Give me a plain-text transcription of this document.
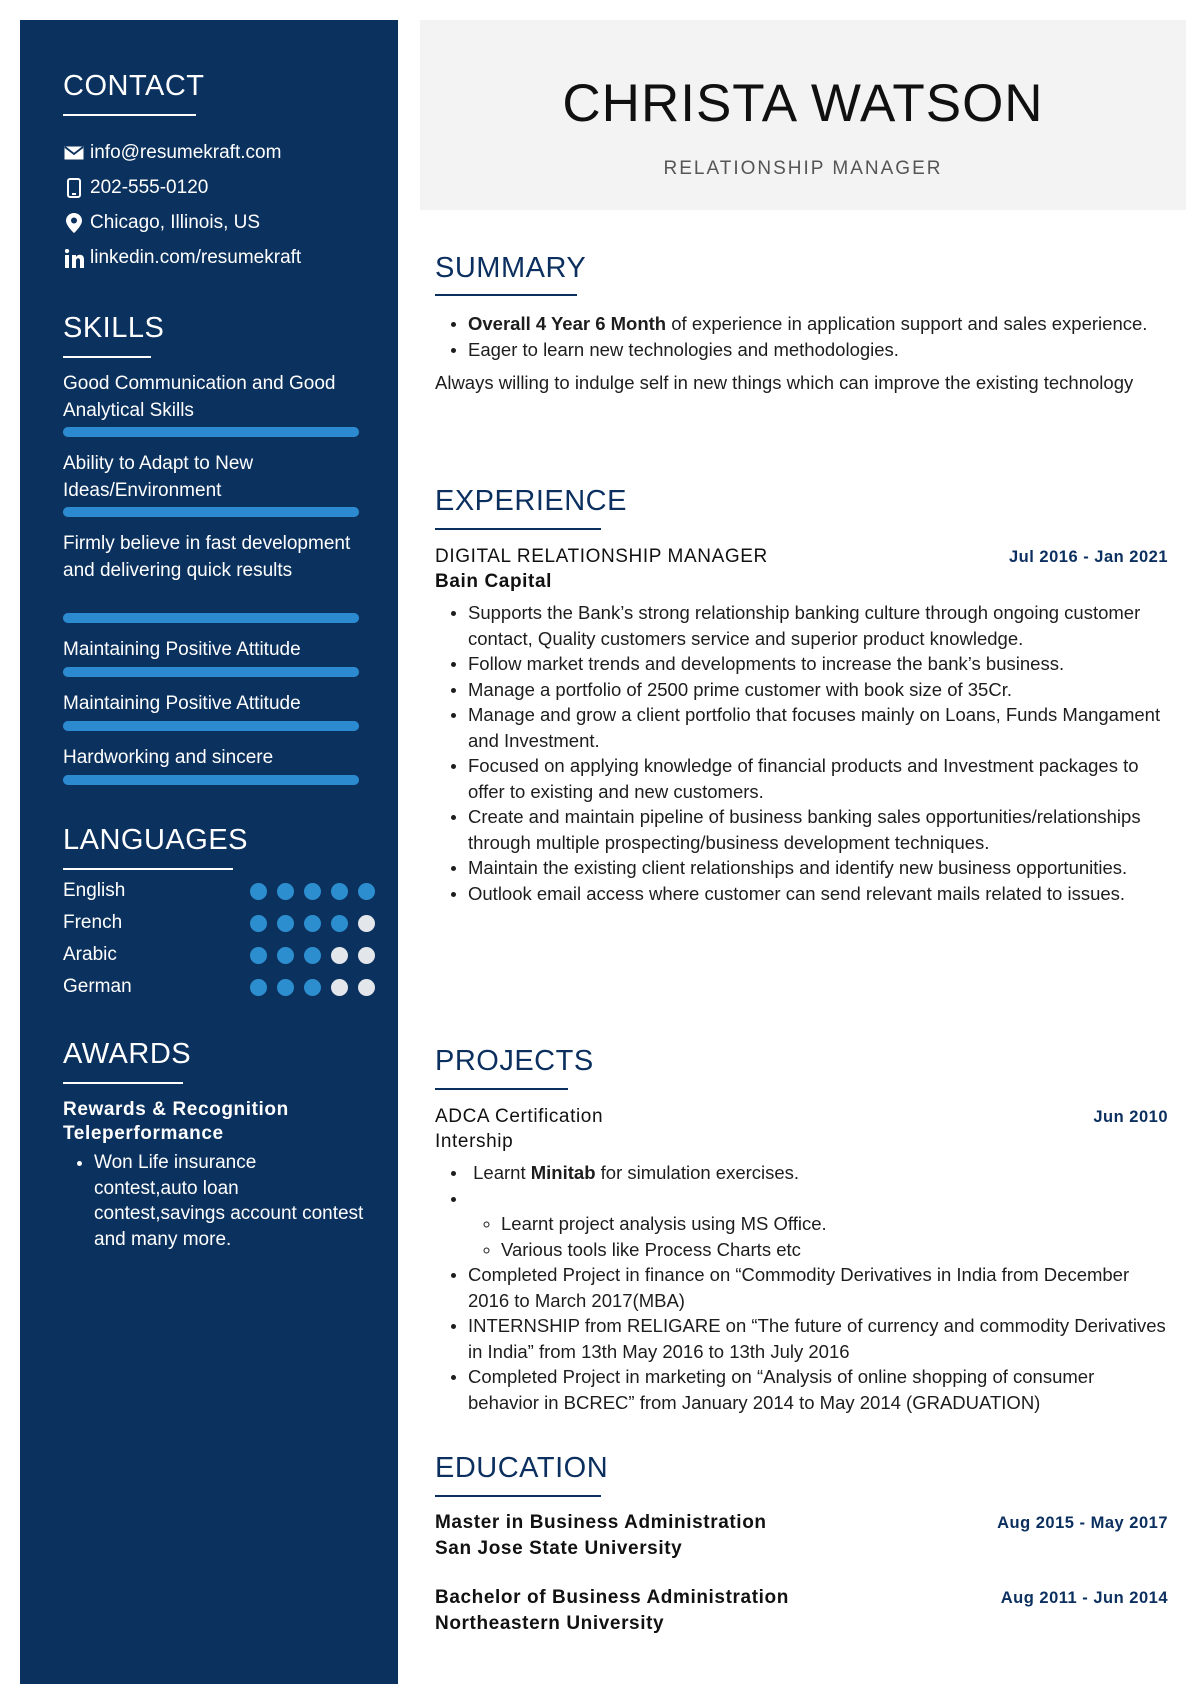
CONTACT
info@resumekraft.com
202-555-0120
Chicago, Illinois, US
linkedin.com/resumekraft
SKILLS
Good Communication and Good Analytical Skills
Ability to Adapt to New Ideas/Environment
Firmly believe in fast development and delivering quick results
Maintaining Positive Attitude
Maintaining Positive Attitude
Hardworking and sincere
LANGUAGES
English
French
Arabic
German
AWARDS
Rewards & Recognition
Teleperformance
• Won Life insurance contest,auto loan contest,savings account contest and many more.
CHRISTA WATSON
RELATIONSHIP MANAGER
SUMMARY
• Overall 4 Year 6 Month of experience in application support and sales experience.
• Eager to learn new technologies and methodologies.
Always willing to indulge self in new things which can improve the existing technology
EXPERIENCE
DIGITAL RELATIONSHIP MANAGER	Jul 2016 - Jan 2021
Bain Capital
• Supports the Bank’s strong relationship banking culture through ongoing customer contact, Quality customers service and superior product knowledge.
• Follow market trends and developments to increase the bank’s business.
• Manage a portfolio of 2500 prime customer with book size of 35Cr.
• Manage and grow a client portfolio that focuses mainly on Loans, Funds Mangament and Investment.
• Focused on applying knowledge of financial products and Investment packages to offer to existing and new customers.
• Create and maintain pipeline of business banking sales opportunities/relationships through multiple prospecting/business development techniques.
• Maintain the existing client relationships and identify new business opportunities.
• Outlook email access where customer can send relevant mails related to issues.
PROJECTS
ADCA Certification	Jun 2010
Intership
• Learnt Minitab for simulation exercises.

◦ • Learnt project analysis using MS Office.
◦ Various tools like Process Charts etc
• Completed Project in finance on “Commodity Derivatives in India from December 2016 to March 2017(MBA)
• INTERNSHIP from RELIGARE on “The future of currency and commodity Derivatives in India” from 13th May 2016 to 13th July 2016
• Completed Project in marketing on “Analysis of online shopping of consumer behavior in BCREC” from January 2014 to May 2014 (GRADUATION)
EDUCATION
Master in Business Administration
San Jose State University
Aug 2015 - May 2017
Bachelor of Business Administration
Northeastern University
Aug 2011 - Jun 2014
